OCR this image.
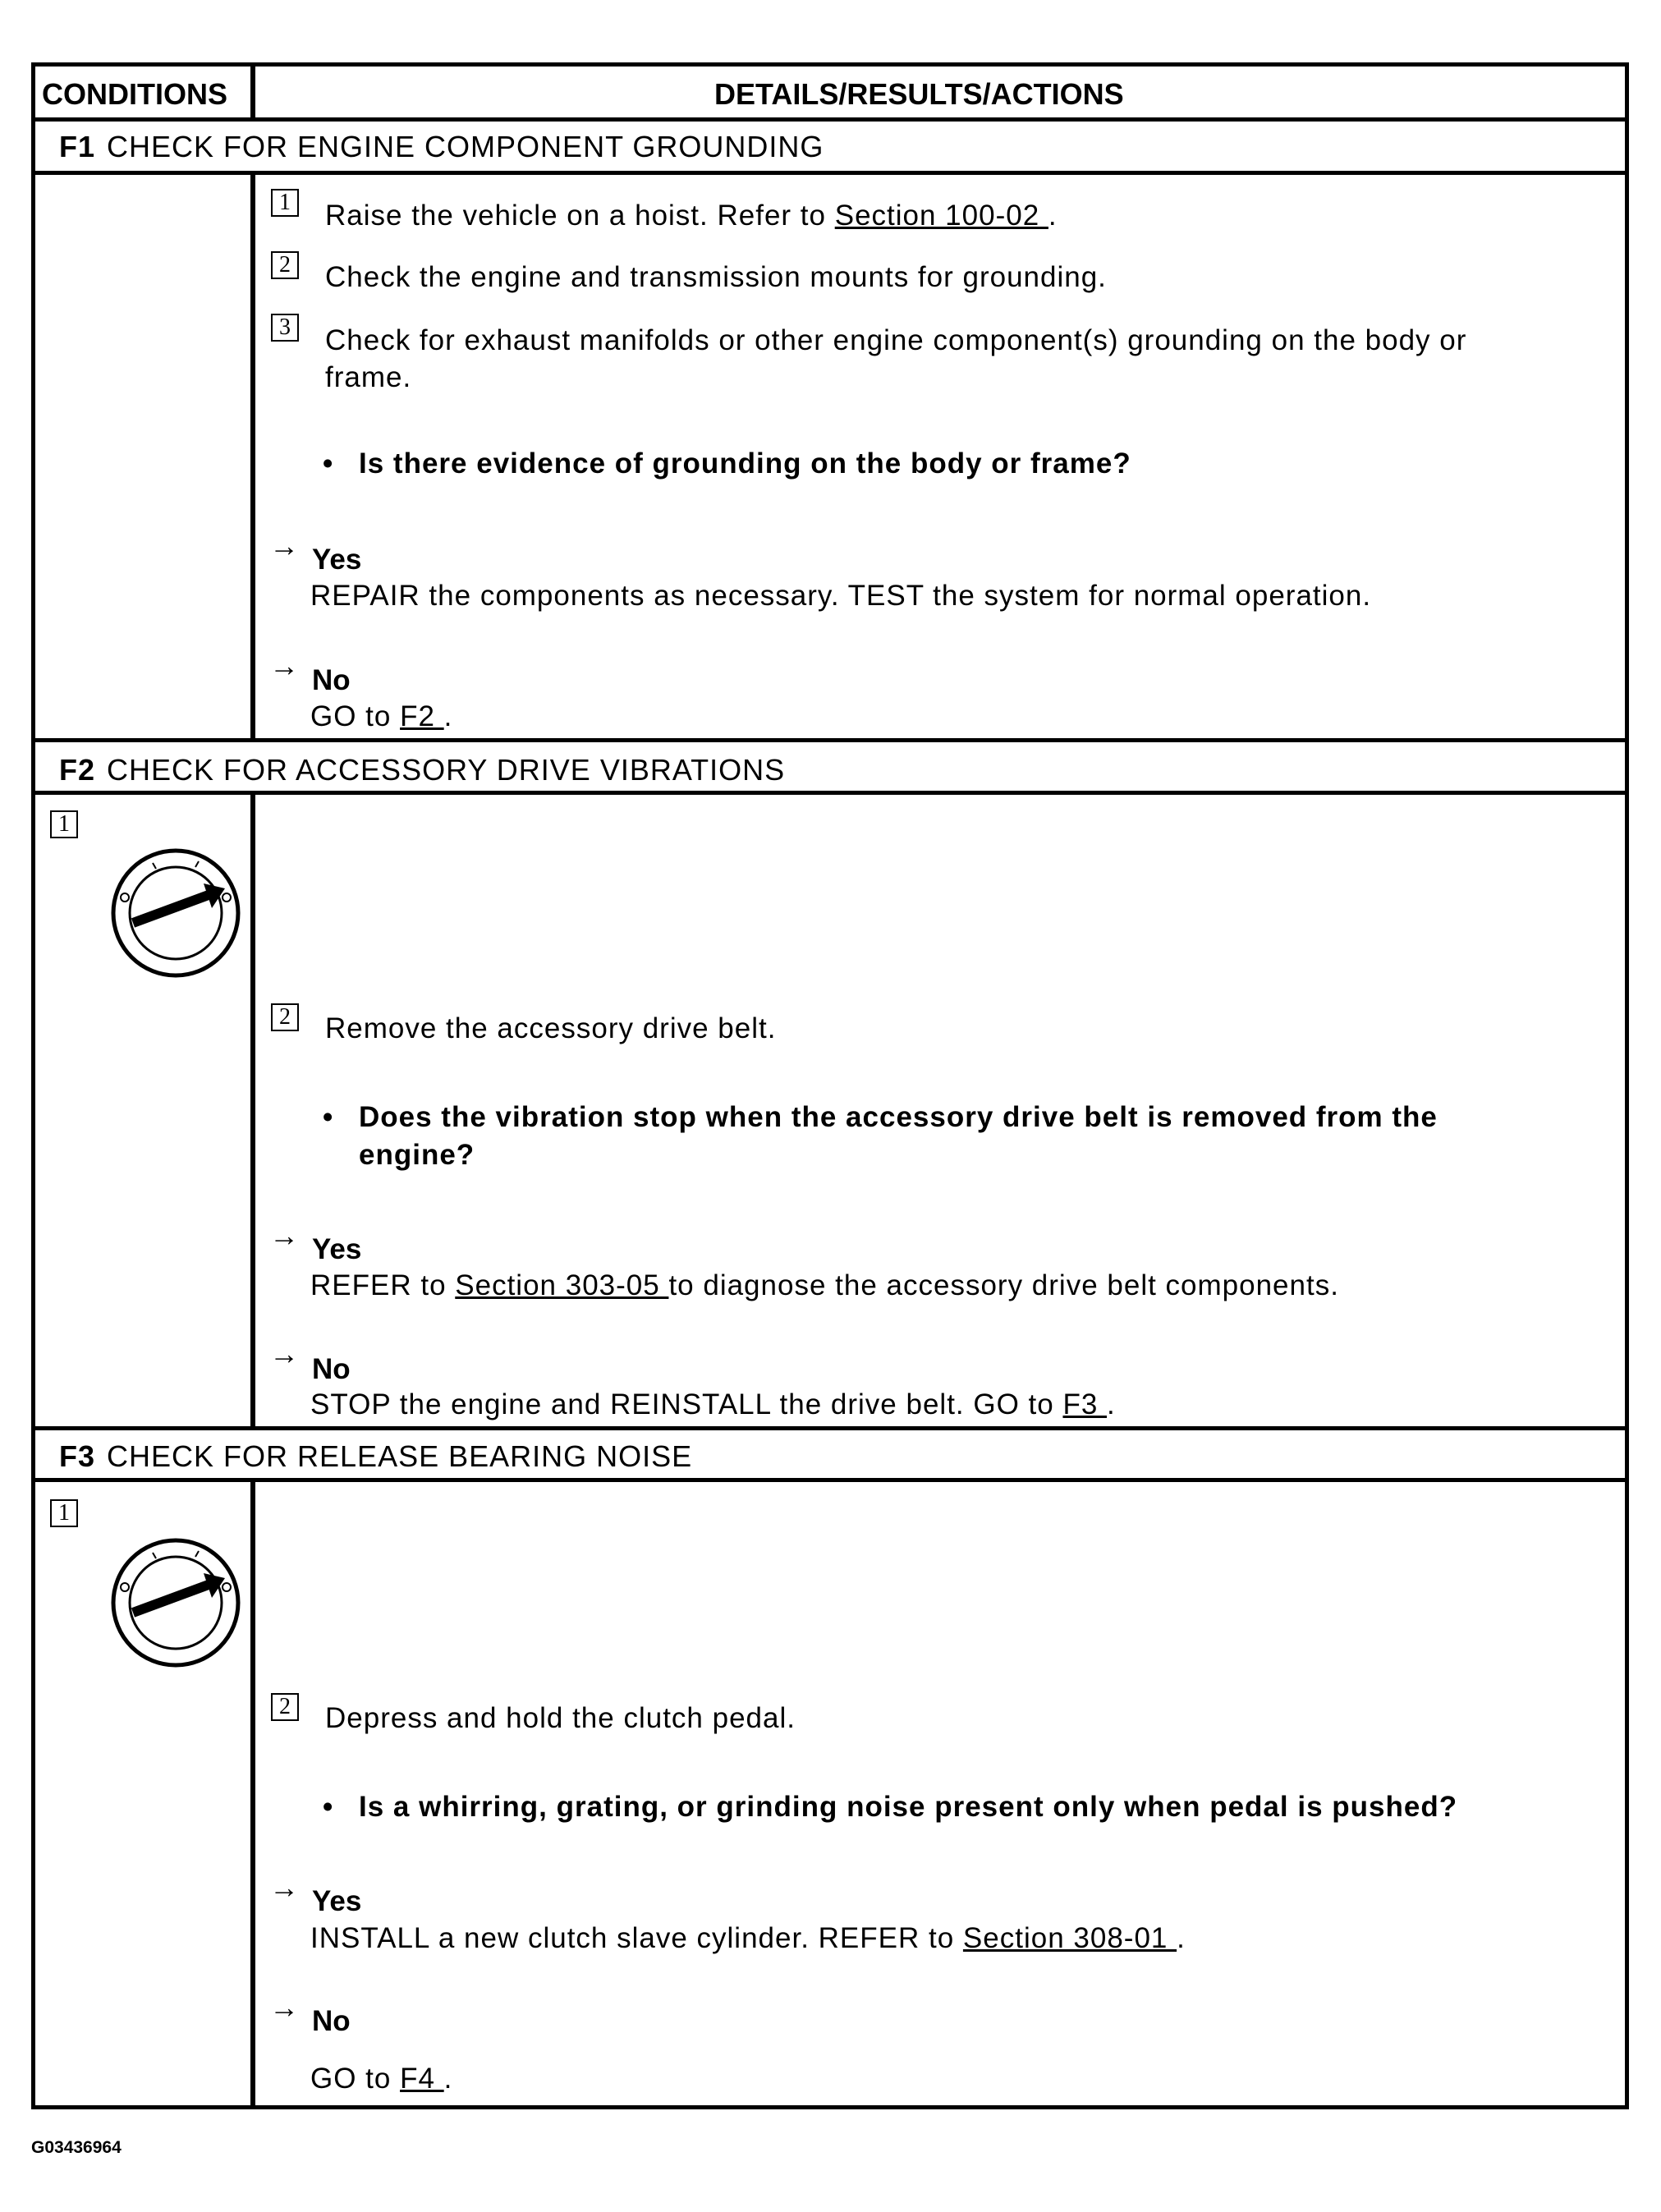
CONDITIONS	DETAILS/RESULTS/ACTIONS
F1 CHECK FOR ENGINE COMPONENT GROUNDING
1 Raise the vehicle on a hoist. Refer to Section 100-02 .
2 Check the engine and transmission mounts for grounding.
3 Check for exhaust manifolds or other engine component(s) grounding on the body or
frame.
• Is there evidence of grounding on the body or frame?
→ Yes
REPAIR the components as necessary. TEST the system for normal operation.
→ No
GO to F2 .
F2 CHECK FOR ACCESSORY DRIVE VIBRATIONS
1
2 Remove the accessory drive belt.
• Does the vibration stop when the accessory drive belt is removed from the
engine?
→ Yes
REFER to Section 303-05 to diagnose the accessory drive belt components.
→ No
STOP the engine and REINSTALL the drive belt. GO to F3 .
F3 CHECK FOR RELEASE BEARING NOISE
1
2 Depress and hold the clutch pedal.
• Is a whirring, grating, or grinding noise present only when pedal is pushed?
→ Yes
INSTALL a new clutch slave cylinder. REFER to Section 308-01 .
→ No
GO to F4 .
G03436964
